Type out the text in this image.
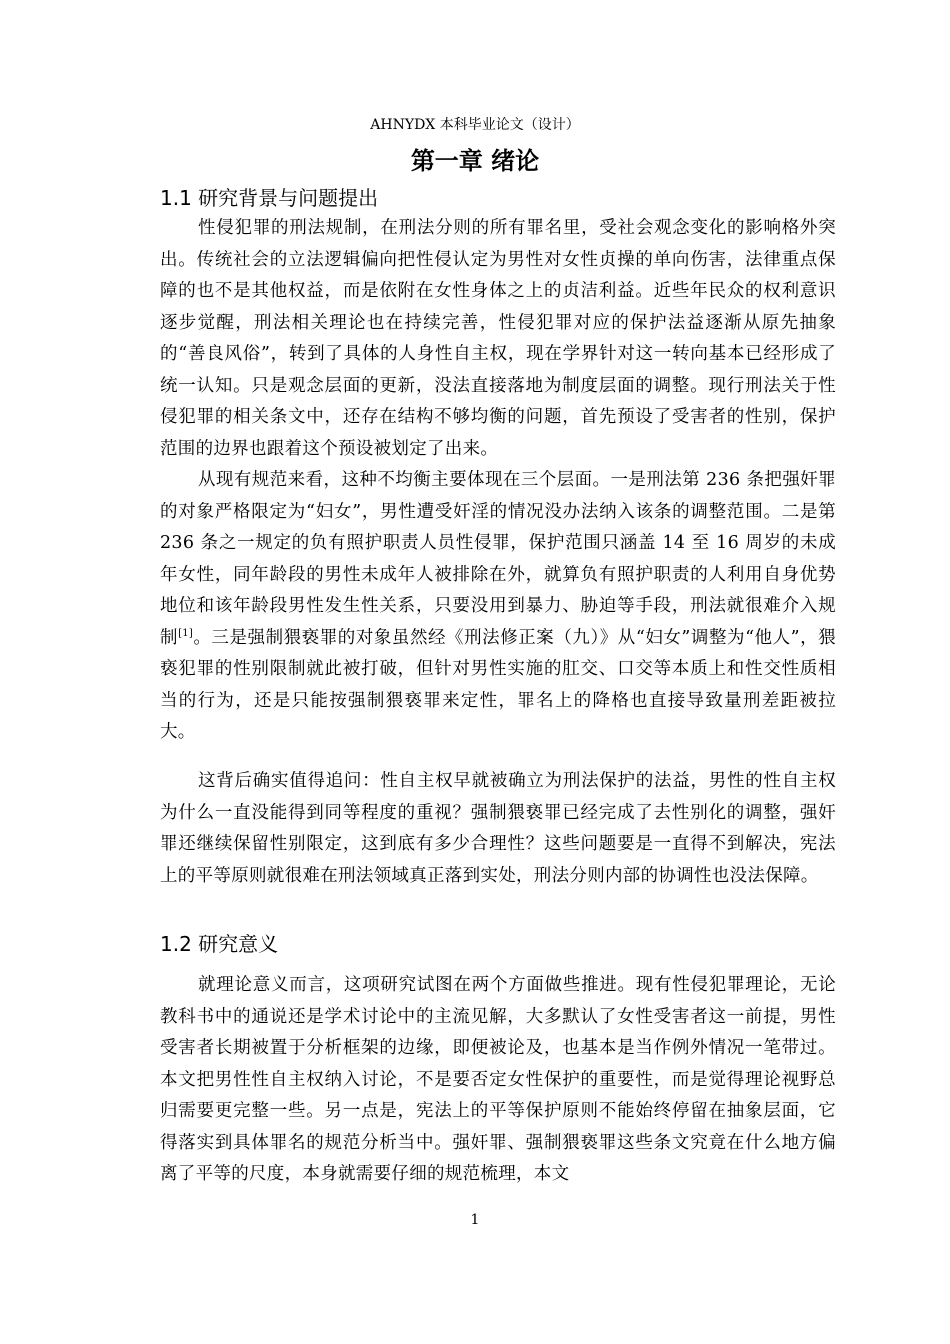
AHNYDX 本科毕业论文（设计）
第一章 绪论
1.1 研究背景与问题提出

性侵犯罪的刑法规制，在刑法分则的所有罪名里，受社会观念变化的影响格外突出。传统社会的立法逻辑偏向把性侵认定为男性对女性贞操的单向伤害，法律重点保障的也不是其他权益，而是依附在女性身体之上的贞洁利益。近些年民众的权利意识逐步觉醒，刑法相关理论也在持续完善，性侵犯罪对应的保护法益逐渐从原先抽象的“善良风俗”，转到了具体的人身性自主权，现在学界针对这一转向基本已经形成了统一认知。只是观念层面的更新，没法直接落地为制度层面的调整。现行刑法关于性侵犯罪的相关条文中，还存在结构不够均衡的问题，首先预设了受害者的性别，保护范围的边界也跟着这个预设被划定了出来。

从现有规范来看，这种不均衡主要体现在三个层面。一是刑法第 236 条把强奸罪的对象严格限定为“妇女”，男性遭受奸淫的情况没办法纳入该条的调整范围。二是第 236 条之一规定的负有照护职责人员性侵罪，保护范围只涵盖 14 至 16 周岁的未成年女性，同年龄段的男性未成年人被排除在外，就算负有照护职责的人利用自身优势地位和该年龄段男性发生性关系，只要没用到暴力、胁迫等手段，刑法就很难介入规制[1]。三是强制猥亵罪的对象虽然经《刑法修正案（九）》从“妇女”调整为“他人”，猥亵犯罪的性别限制就此被打破，但针对男性实施的肛交、口交等本质上和性交性质相当的行为，还是只能按强制猥亵罪来定性，罪名上的降格也直接导致量刑差距被拉大。

这背后确实值得追问：性自主权早就被确立为刑法保护的法益，男性的性自主权为什么一直没能得到同等程度的重视？强制猥亵罪已经完成了去性别化的调整，强奸罪还继续保留性别限定，这到底有多少合理性？这些问题要是一直得不到解决，宪法上的平等原则就很难在刑法领域真正落到实处，刑法分则内部的协调性也没法保障。

1.2 研究意义

就理论意义而言，这项研究试图在两个方面做些推进。现有性侵犯罪理论，无论教科书中的通说还是学术讨论中的主流见解，大多默认了女性受害者这一前提，男性受害者长期被置于分析框架的边缘，即便被论及，也基本是当作例外情况一笔带过。本文把男性性自主权纳入讨论，不是要否定女性保护的重要性，而是觉得理论视野总归需要更完整一些。另一点是，宪法上的平等保护原则不能始终停留在抽象层面，它得落实到具体罪名的规范分析当中。强奸罪、强制猥亵罪这些条文究竟在什么地方偏离了平等的尺度，本身就需要仔细的规范梳理，本文

1
